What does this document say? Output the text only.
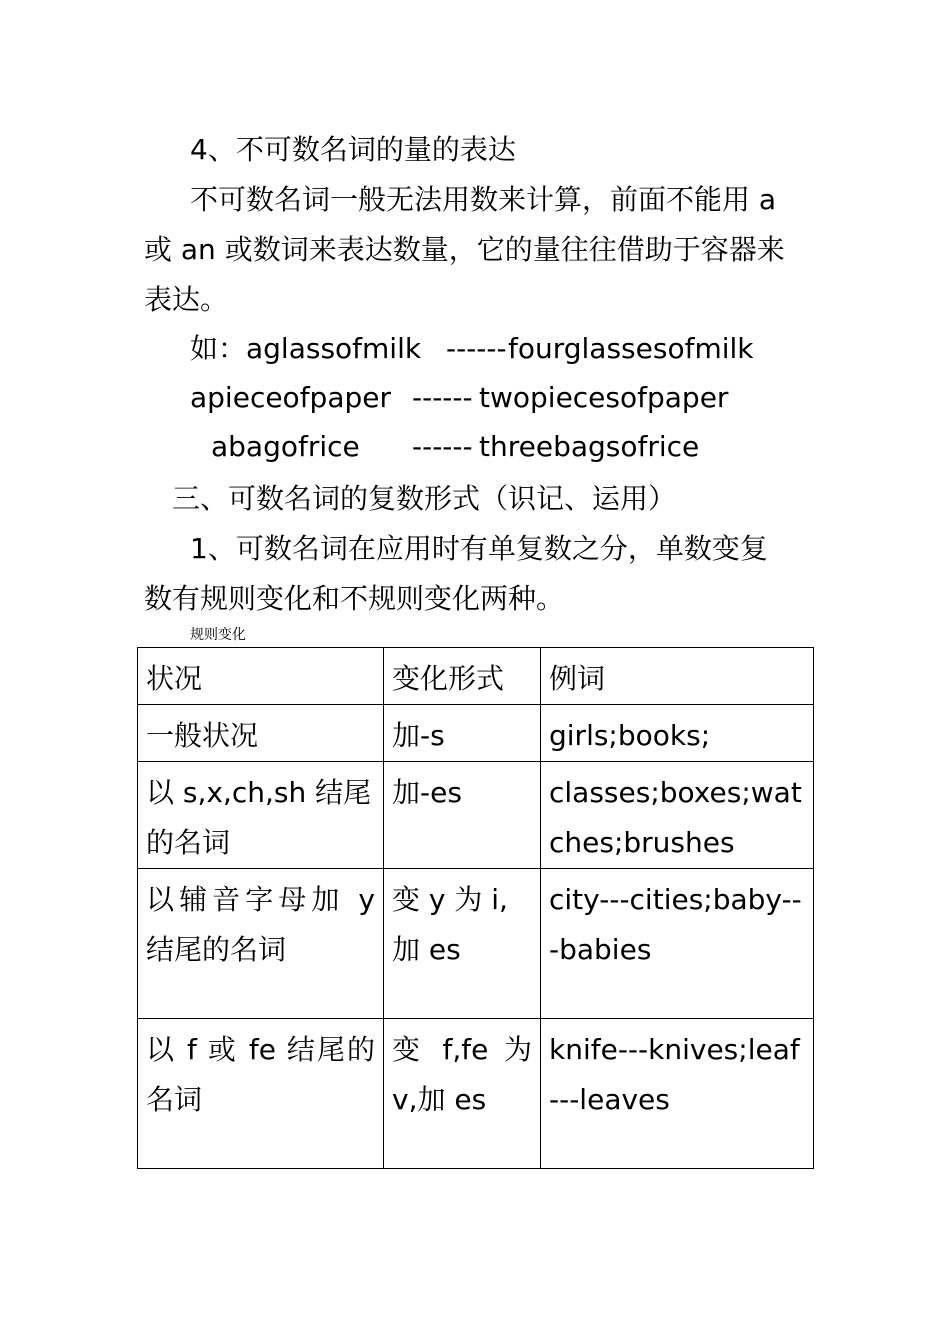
4、不可数名词的量的表达
不可数名词一般无法用数来计算，前面不能用 a
或 an 或数词来表达数量，它的量往往借助于容器来
表达。
如：aglassofmilk ------ fourglassesofmilk
apieceofpaper ------ twopiecesofpaper
abagofrice ------ threebagsofrice
三、可数名词的复数形式（识记、运用）
1、可数名词在应用时有单复数之分，单数变复
数有规则变化和不规则变化两种。
规则变化
状况	变化形式	例词
一般状况	加-s	girls;books;
以 s,x,ch,sh 结尾的名词	加-es	classes;boxes;watches;brushes
以辅音字母加 y 结尾的名词	变 y 为 i,加 es	city---cities;baby---babies
以 f 或 fe 结尾的名词	变 f,fe 为 v,加 es	knife---knives;leaf---leaves
